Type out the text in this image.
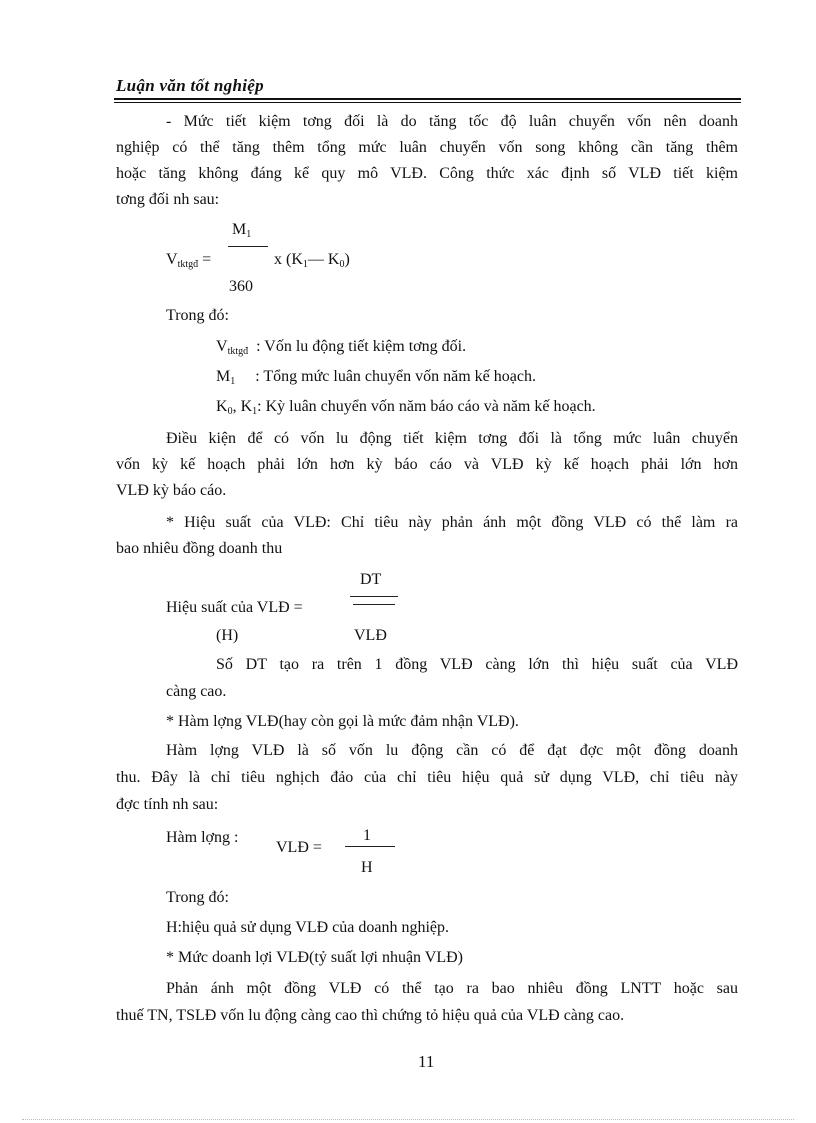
Luận văn tốt nghiệp
- Mức tiết kiệm tơng đối là do tăng tốc độ luân chuyển vốn nên doanh
nghiệp có thể tăng thêm tổng mức luân chuyển vốn song không cần tăng thêm
hoặc tăng không đáng kể quy mô VLĐ. Công thức xác định số VLĐ tiết kiệm
tơng đối nh sau:
$M_1$
$V_{tktgđ}$ =	x ($K_1—$ $K_0$)
360
Trong đó:
$V_{tktgđ}$ : Vốn lu động tiết kiệm tơng đối.
$M_1$ : Tổng mức luân chuyển vốn năm kế hoạch.
$K_0$, $K_1$: Kỳ luân chuyển vốn năm báo cáo và năm kế hoạch.
Điều kiện để có vốn lu động tiết kiệm tơng đối là tổng mức luân chuyển
vốn kỳ kế hoạch phải lớn hơn kỳ báo cáo và VLĐ kỳ kế hoạch phải lớn hơn
VLĐ kỳ báo cáo.
* Hiệu suất của VLĐ: Chỉ tiêu này phản ánh một đồng VLĐ có thể làm ra
bao nhiêu đồng doanh thu
DT
Hiệu suất của VLĐ =
(H)	VLĐ
Số DT tạo ra trên 1 đồng VLĐ càng lớn thì hiệu suất của VLĐ
càng cao.
* Hàm lợng VLĐ(hay còn gọi là mức đảm nhận VLĐ).
Hàm lợng VLĐ là số vốn lu động cần có để đạt đợc một đồng doanh
thu. Đây là chỉ tiêu nghịch đảo của chỉ tiêu hiệu quả sử dụng VLĐ, chỉ tiêu này
đợc tính nh sau:
Hàm lợng :	1
VLĐ =
H
Trong đó:
H:hiệu quả sử dụng VLĐ của doanh nghiệp.
* Mức doanh lợi VLĐ(tỷ suất lợi nhuận VLĐ)
Phản ánh một đồng VLĐ có thể tạo ra bao nhiêu đồng LNTT hoặc sau
thuế TN, TSLĐ vốn lu động càng cao thì chứng tỏ hiệu quả của VLĐ càng cao.
11
